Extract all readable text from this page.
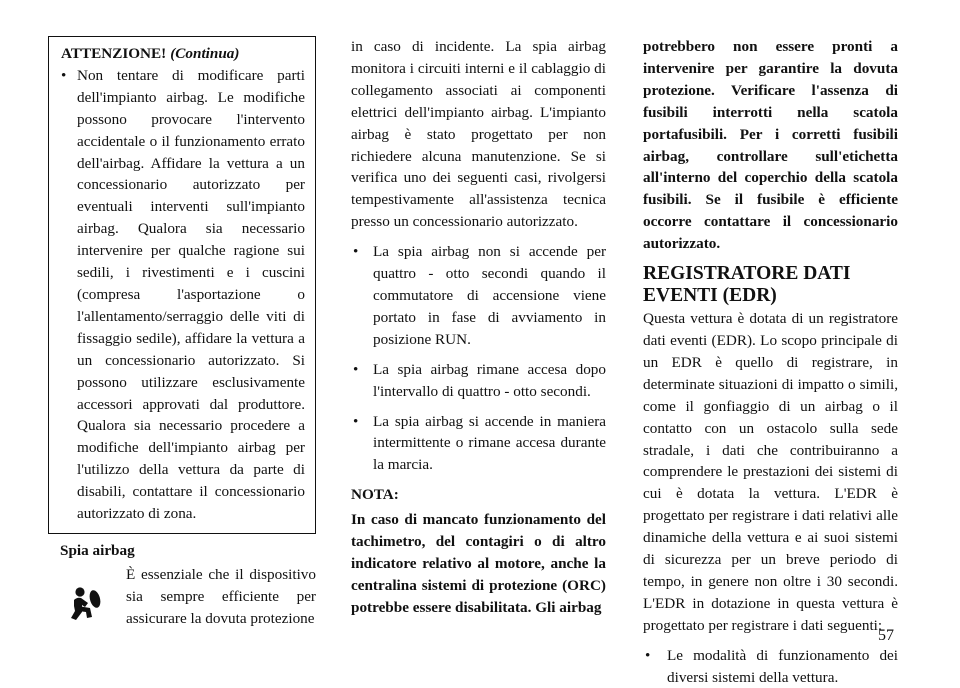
ATTENZIONE! (Continua)

• Non tentare di modificare parti dell'impianto airbag. Le modifiche possono provocare l'intervento accidentale o il funzionamento errato dell'airbag. Affidare la vettura a un concessionario autorizzato per eventuali interventi sull'impianto airbag. Qualora sia necessario intervenire per qualche ragione sui sedili, i rivestimenti e i cuscini (compresa l'asportazione o l'allentamento/serraggio delle viti di fissaggio sedile), affidare la vettura a un concessionario autorizzato. Si possono utilizzare esclusivamente accessori approvati dal produttore. Qualora sia necessario procedere a modifiche dell'impianto airbag per l'utilizzo della vettura da parte di disabili, contattare il concessionario autorizzato di zona.

Spia airbag

È essenziale che il dispositivo sia sempre efficiente per assicurare la dovuta protezione

in caso di incidente. La spia airbag monitora i circuiti interni e il cablaggio di collegamento associati ai componenti elettrici dell'impianto airbag. L'impianto airbag è stato progettato per non richiedere alcuna manutenzione. Se si verifica uno dei seguenti casi, rivolgersi tempestivamente all'assistenza tecnica presso un concessionario autorizzato.

• La spia airbag non si accende per quattro - otto secondi quando il commutatore di accensione viene portato in fase di avviamento in posizione RUN.
• La spia airbag rimane accesa dopo l'intervallo di quattro - otto secondi.
• La spia airbag si accende in maniera intermittente o rimane accesa durante la marcia.

NOTA:

In caso di mancato funzionamento del tachimetro, del contagiri o di altro indicatore relativo al motore, anche la centralina sistemi di protezione (ORC) potrebbe essere disabilitata. Gli airbag

potrebbero non essere pronti a intervenire per garantire la dovuta protezione. Verificare l'assenza di fusibili interrotti nella scatola portafusibili. Per i corretti fusibili airbag, controllare sull'etichetta all'interno del coperchio della scatola fusibili. Se il fusibile è efficiente occorre contattare il concessionario autorizzato.

REGISTRATORE DATI EVENTI (EDR)

Questa vettura è dotata di un registratore dati eventi (EDR). Lo scopo principale di un EDR è quello di registrare, in determinate situazioni di impatto o simili, come il gonfiaggio di un airbag o il contatto con un ostacolo sulla sede stradale, i dati che contribuiranno a comprendere le prestazioni dei sistemi di cui è dotata la vettura. L'EDR è progettato per registrare i dati relativi alle dinamiche della vettura e ai suoi sistemi di sicurezza per un breve periodo di tempo, in genere non oltre i 30 secondi. L'EDR in dotazione in questa vettura è progettato per registrare i dati seguenti:

• Le modalità di funzionamento dei diversi sistemi della vettura.
57
